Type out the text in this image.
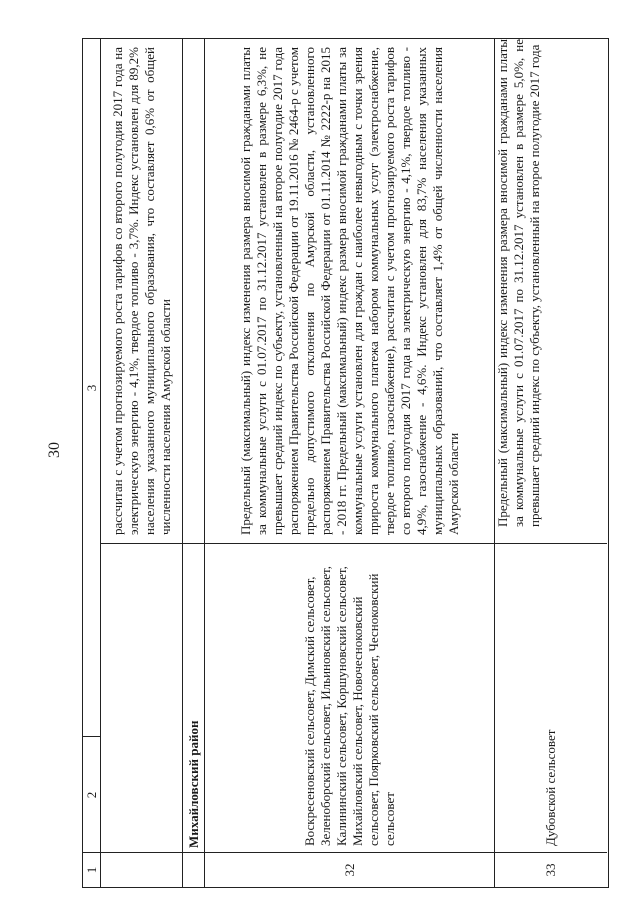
30
3
2
1
рассчитан с учетом прогнозируемого роста тарифов со второго полугодия 2017 года на электрическую энергию - 4,1%, твердое топливо - 3,7%. Индекс установлен для 89,2% населения указанного муниципального образования, что составляет 0,6% от общей численности населения Амурской области
Михайловский район
Предельный (максимальный) индекс изменения размера вносимой гражданами платы за коммунальные услуги с 01.07.2017 по 31.12.2017 установлен в размере 6,3%, не превышает средний индекс по субъекту, установленный на второе полугодие 2017 года распоряжением Правительства Российской Федерации от 19.11.2016 № 2464-р с учетом предельно допустимого отклонения по Амурской области, установленного распоряжением Правительства Российской Федерации от 01.11.2014 № 2222-р на 2015 - 2018 гг. Предельный (максимальный) индекс размера вносимой гражданами платы за коммунальные услуги установлен для граждан с наиболее невыгодным с точки зрения прироста коммунального платежа набором коммунальных услуг (электроснабжение, твердое топливо, газоснабжение), рассчитан с учетом прогнозируемого роста тарифов со второго полугодия 2017 года на электрическую энергию - 4,1%, твердое топливо - 4,9%, газоснабжение - 4,6%. Индекс установлен для 83,7% населения указанных муниципальных образований, что составляет 1,4% от общей численности населения Амурской области
Воскресеновский сельсовет, Димский сельсовет, Зеленоборский сельсовет, Ильиновский сельсовет, Калининский сельсовет, Коршуновский сельсовет, Михайловский сельсовет, Новочесноковский сельсовет, Поярковский сельсовет, Чесноковский сельсовет
32
Предельный (максимальный) индекс изменения размера вносимой гражданами платы за коммунальные услуги с 01.07.2017 по 31.12.2017 установлен в размере 5,0%, не превышает средний индекс по субъекту, установленный на второе полугодие 2017 года
Дубовской сельсовет
33
